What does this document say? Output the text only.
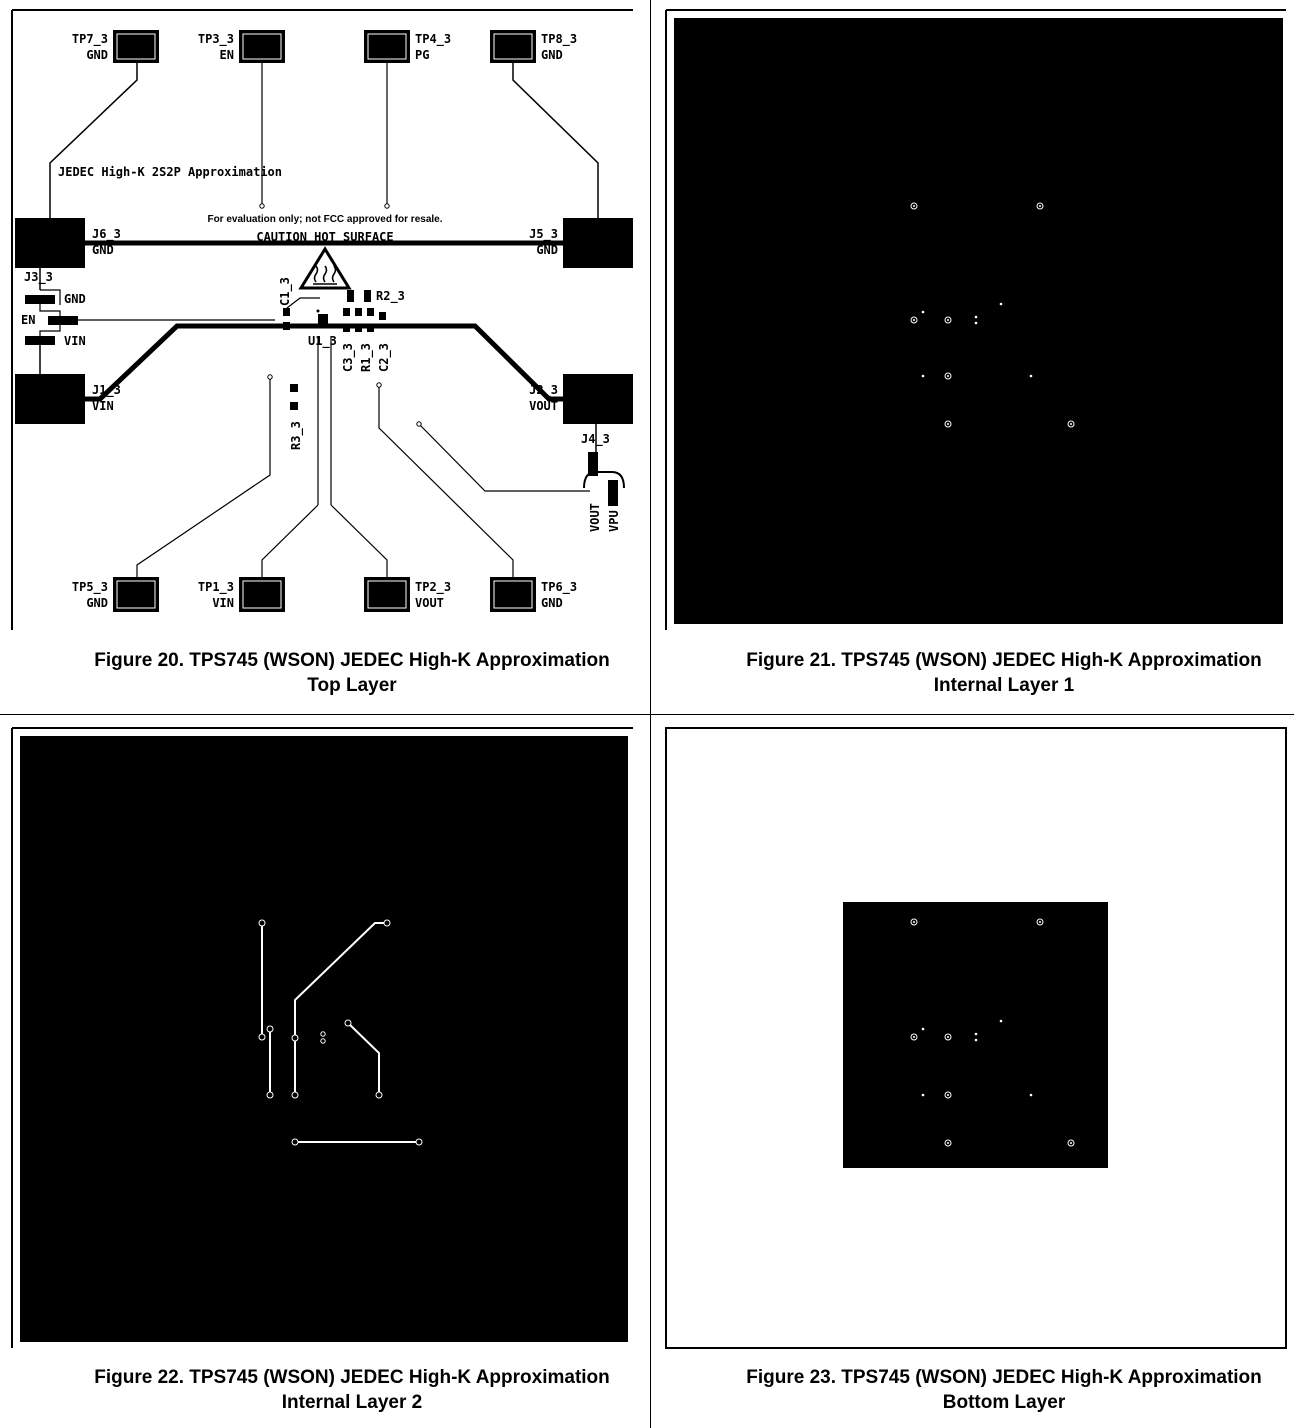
TP7_3
GND
TP3_3
EN
TP4_3
PG
TP8_3
GND
TP5_3
GND
TP1_3
VIN
TP2_3
VOUT
TP6_3
GND
JEDEC High-K 2S2P Approximation
For evaluation only; not FCC approved for resale.
CAUTION HOT SURFACE
J6_3
GND
J5_3
GND
J1_3
VIN
J2_3
VOUT
J3_3
GND
EN
VIN
J4_3
VOUT VPU
C1_3	R2_3
U1_3
C3_3 R1_3 C2_3
R3_3
Figure 20. TPS745 (WSON) JEDEC High-K Approximation
Top Layer
Figure 21. TPS745 (WSON) JEDEC High-K Approximation
Internal Layer 1
Figure 22. TPS745 (WSON) JEDEC High-K Approximation
Internal Layer 2
Figure 23. TPS745 (WSON) JEDEC High-K Approximation
Bottom Layer
